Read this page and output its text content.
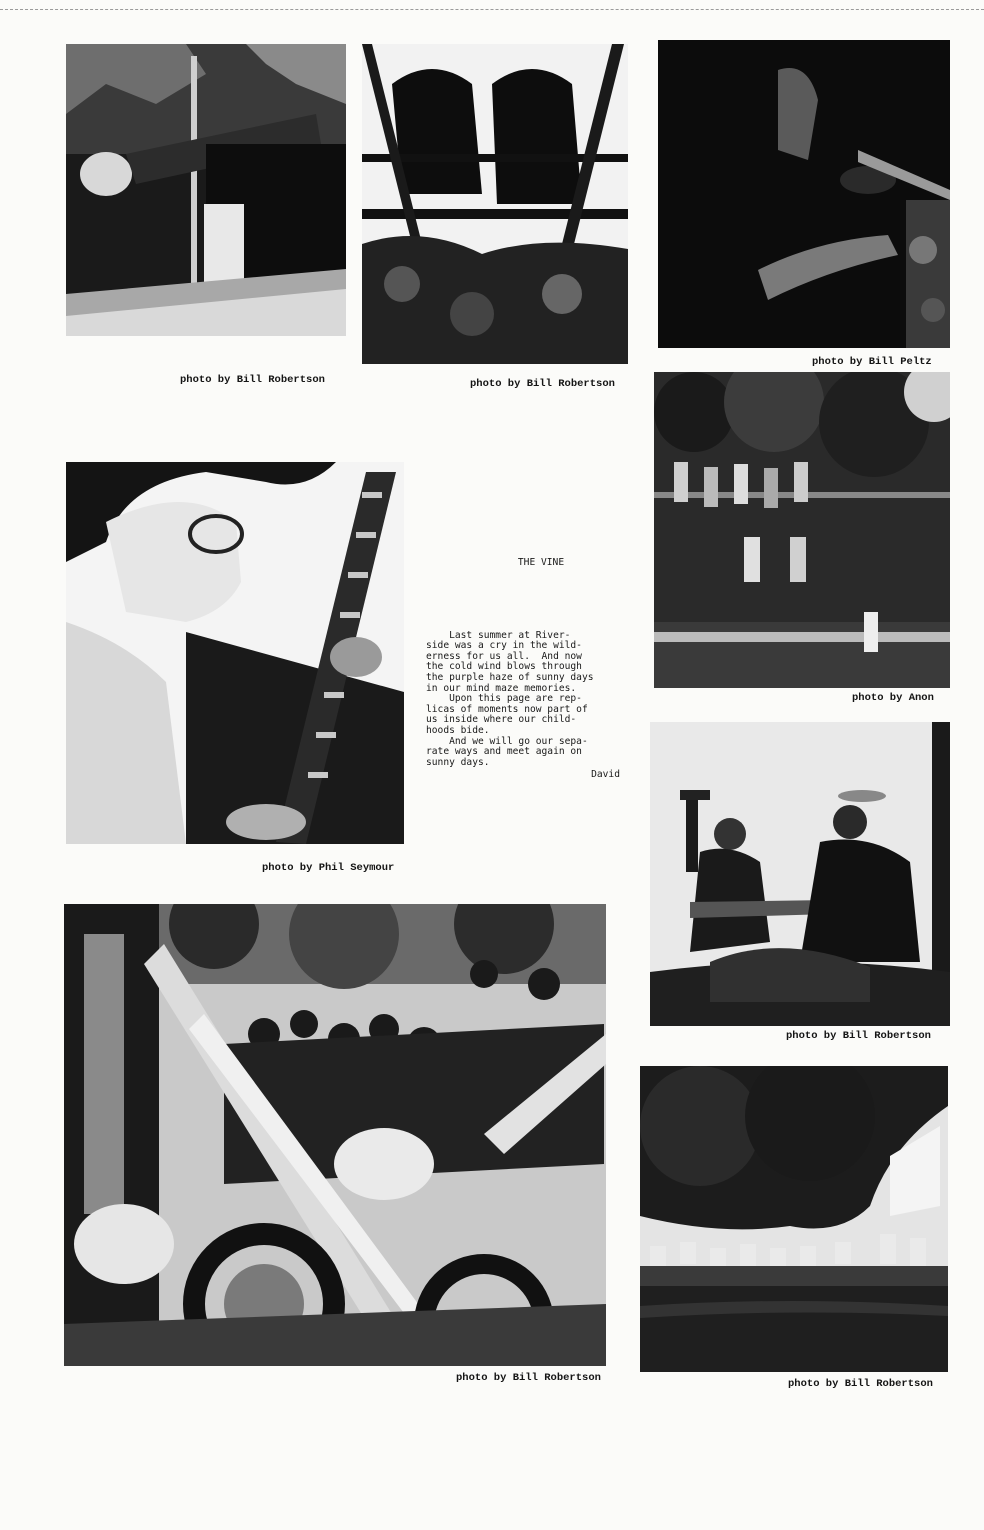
photo by Bill Robertson	photo by Bill Robertson
photo by Bill Peltz
photo by Anon
photo by Phil Seymour
THE VINE

Last summer at River-

side was a cry in the wild-

erness for us all.  And now

the cold wind blows through

the purple haze of sunny days

in our mind maze memories.

Upon this page are rep-

licas of moments now part of

us inside where our child-

hoods bide.

And we will go our sepa-

rate ways and meet again on

sunny days.

David
photo by Bill Robertson
photo by Bill Robertson	photo by Bill Robertson
